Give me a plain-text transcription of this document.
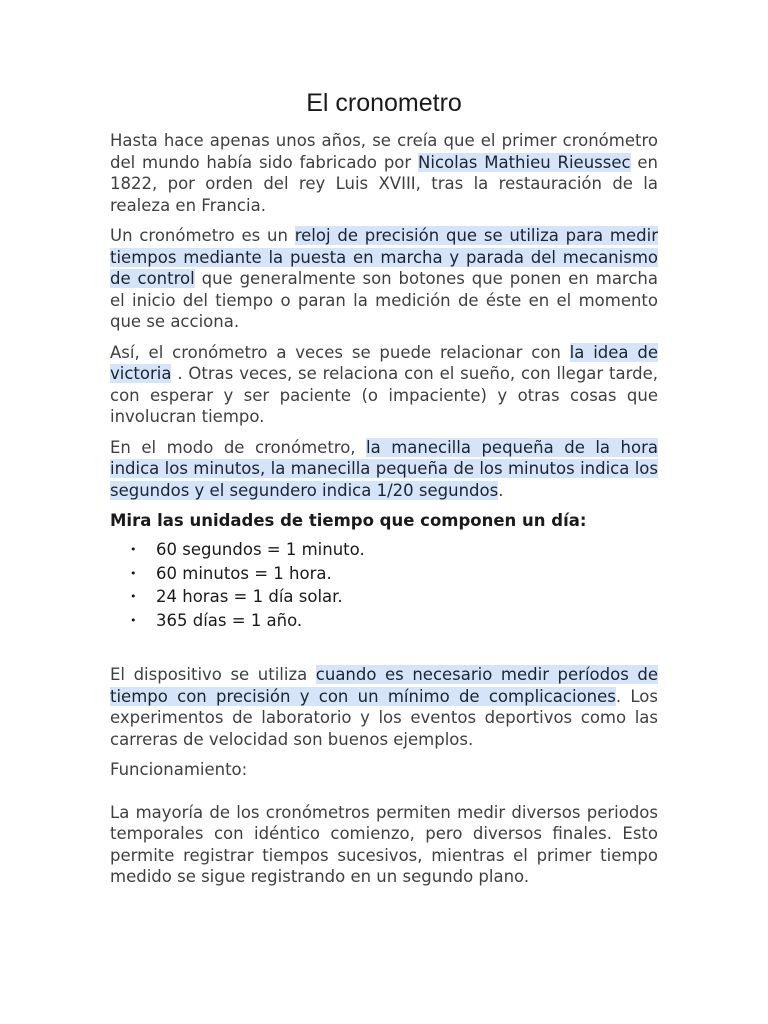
El cronometro

Hasta hace apenas unos años, se creía que el primer cronómetro del mundo había sido fabricado por Nicolas Mathieu Rieussec en 1822, por orden del rey Luis XVIII, tras la restauración de la realeza en Francia.

Un cronómetro es un reloj de precisión que se utiliza para medir tiempos mediante la puesta en marcha y parada del mecanismo de control que generalmente son botones que ponen en marcha el inicio del tiempo o paran la medición de éste en el momento que se acciona.

Así, el cronómetro a veces se puede relacionar con la idea de victoria . Otras veces, se relaciona con el sueño, con llegar tarde, con esperar y ser paciente (o impaciente) y otras cosas que involucran tiempo.

En el modo de cronómetro, la manecilla pequeña de la hora indica los minutos, la manecilla pequeña de los minutos indica los segundos y el segundero indica 1/20 segundos.

Mira las unidades de tiempo que componen un día:

• 60 segundos = 1 minuto.
• 60 minutos = 1 hora.
• 24 horas = 1 día solar.
• 365 días = 1 año.

El dispositivo se utiliza cuando es necesario medir períodos de tiempo con precisión y con un mínimo de complicaciones. Los experimentos de laboratorio y los eventos deportivos como las carreras de velocidad son buenos ejemplos.

Funcionamiento:

La mayoría de los cronómetros permiten medir diversos periodos temporales con idéntico comienzo, pero diversos finales. Esto permite registrar tiempos sucesivos, mientras el primer tiempo medido se sigue registrando en un segundo plano.
